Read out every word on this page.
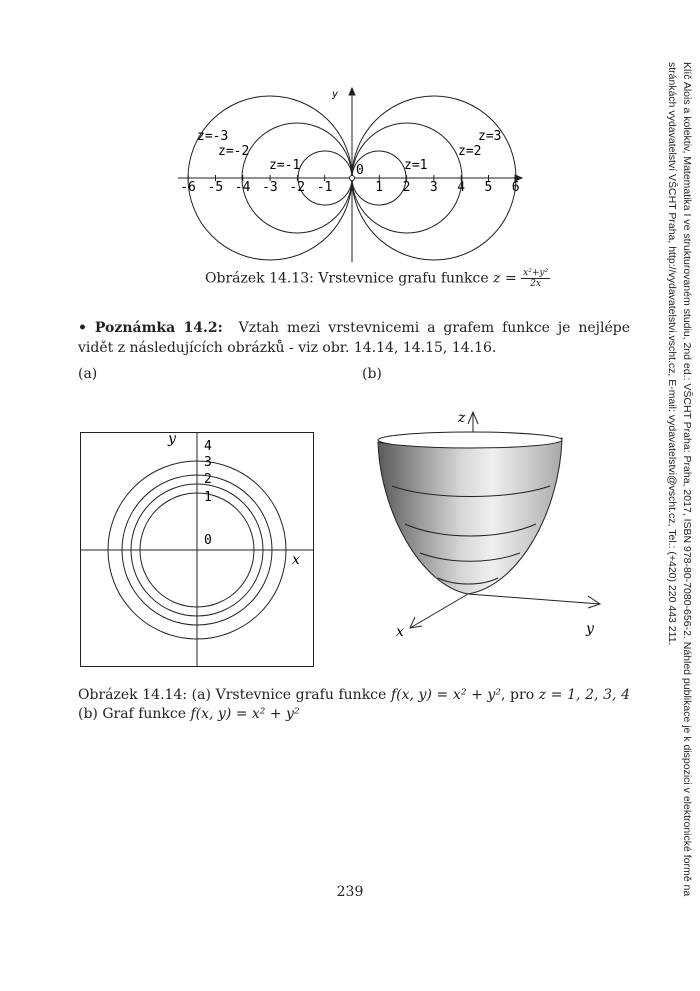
-6 -5 -4 -3 -2 -1
0
1 2 3 4 5 6
y
z=-3
z=-2
z=-1	z=1
z=2
z=3
Obrázek 14.13: Vrstevnice grafu funkce $z = \frac{\text{x²+y²}}{2x}$
• Poznámka 14.2: Vztah mezi vrstevnicemi a grafem funkce je nejlépe vidět z následujících obrázků - viz obr. 14.14, 14.15, 14.16.
(a)	(b)
x
y 4
3
2
1
0
z
y
x
Obrázek 14.14: (a) Vrstevnice grafu funkce f(x, y) = x² + y², pro z = 1, 2, 3, 4 (b) Graf funkce f(x, y) = x² + y²
239	Klíč Alois a kolektiv, Matematika I ve strukturovaném studiu, 2nd ed.: VŠCHT Praha: Praha, 2017, ISBN 978-80-7080-656-2. Náhled publikace je k dispozici v elektronické formě na stránkách vydavatelství VŠCHT Praha, http://vydavatelstvi.vscht.cz, E-mail: vydavatelstvi@vscht.cz, Tel.: (+420) 220 443 211.
